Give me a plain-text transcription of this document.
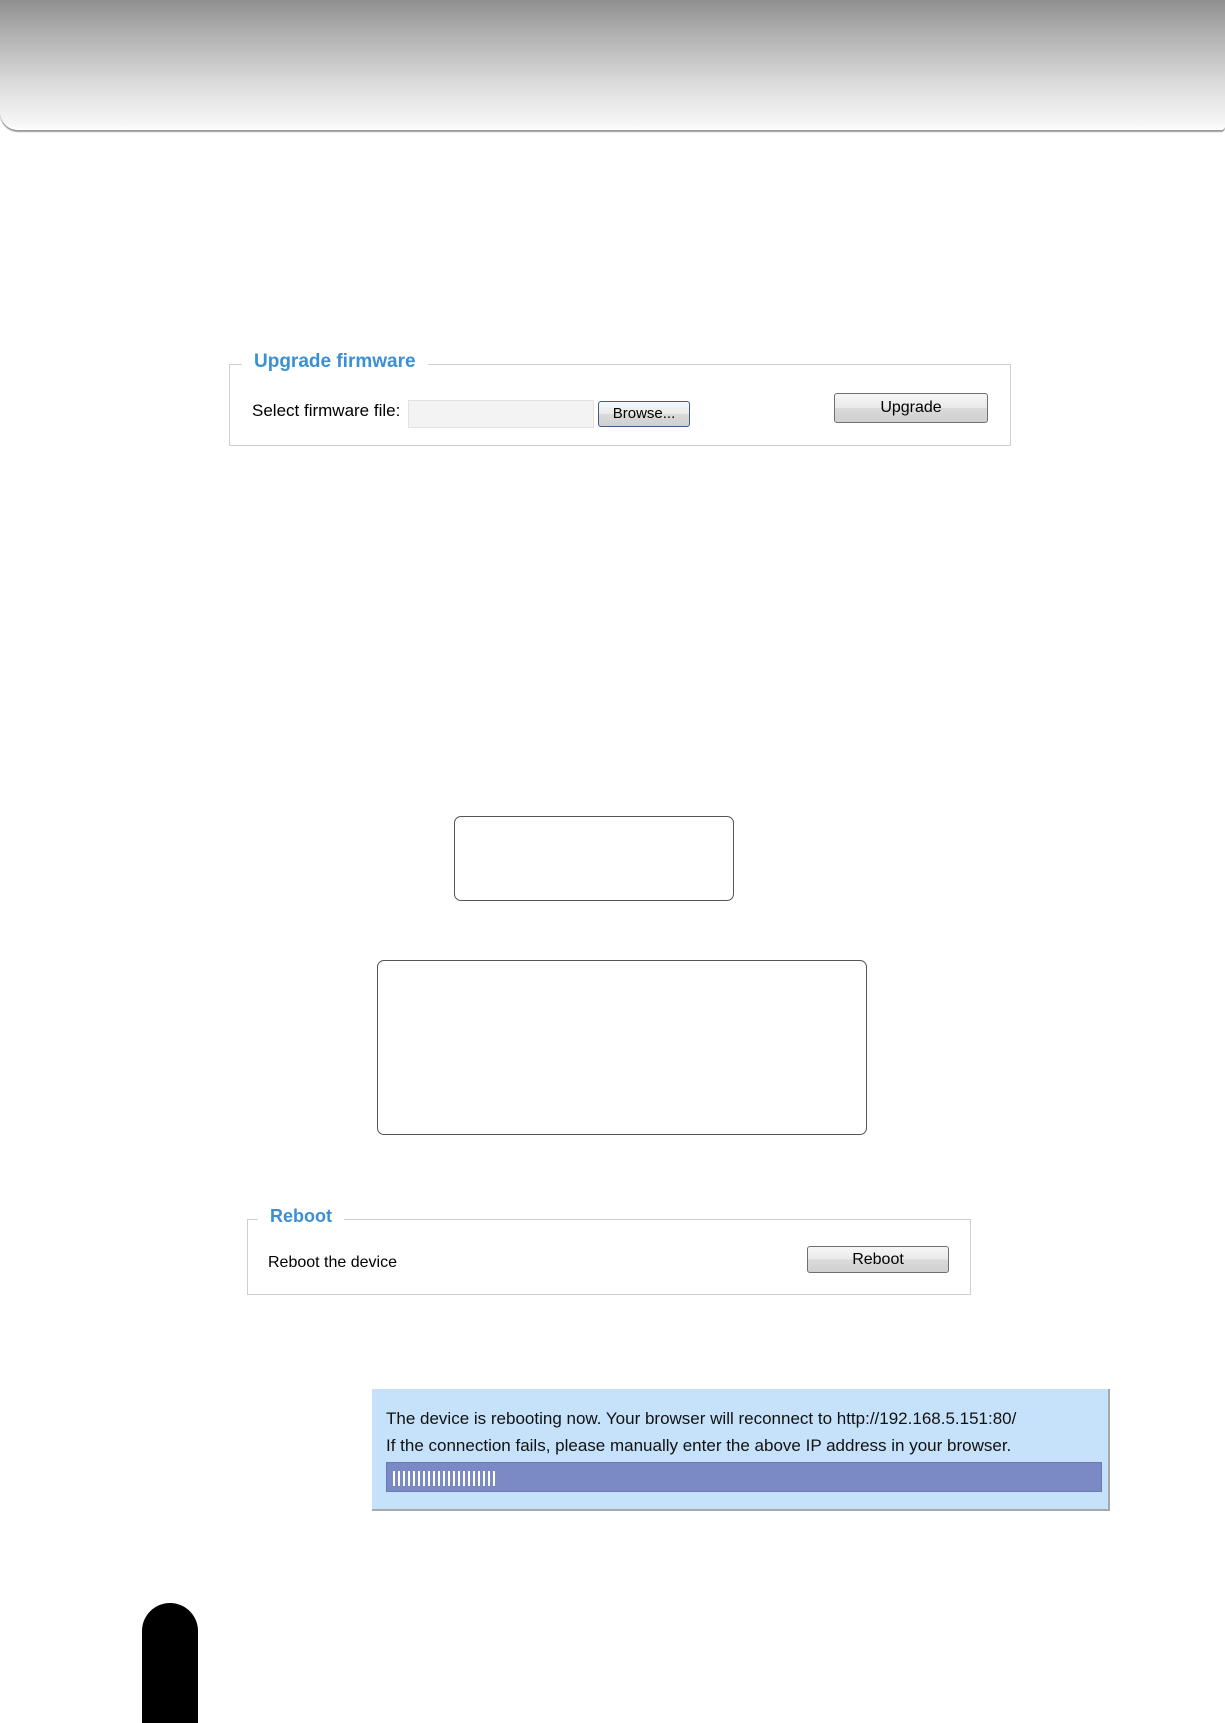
Upgrade firmware
Select firmware file:	Browse...	Upgrade
Reboot
Reboot the device	Reboot
The device is rebooting now. Your browser will reconnect to http://192.168.5.151:80/
If the connection fails, please manually enter the above IP address in your browser.
